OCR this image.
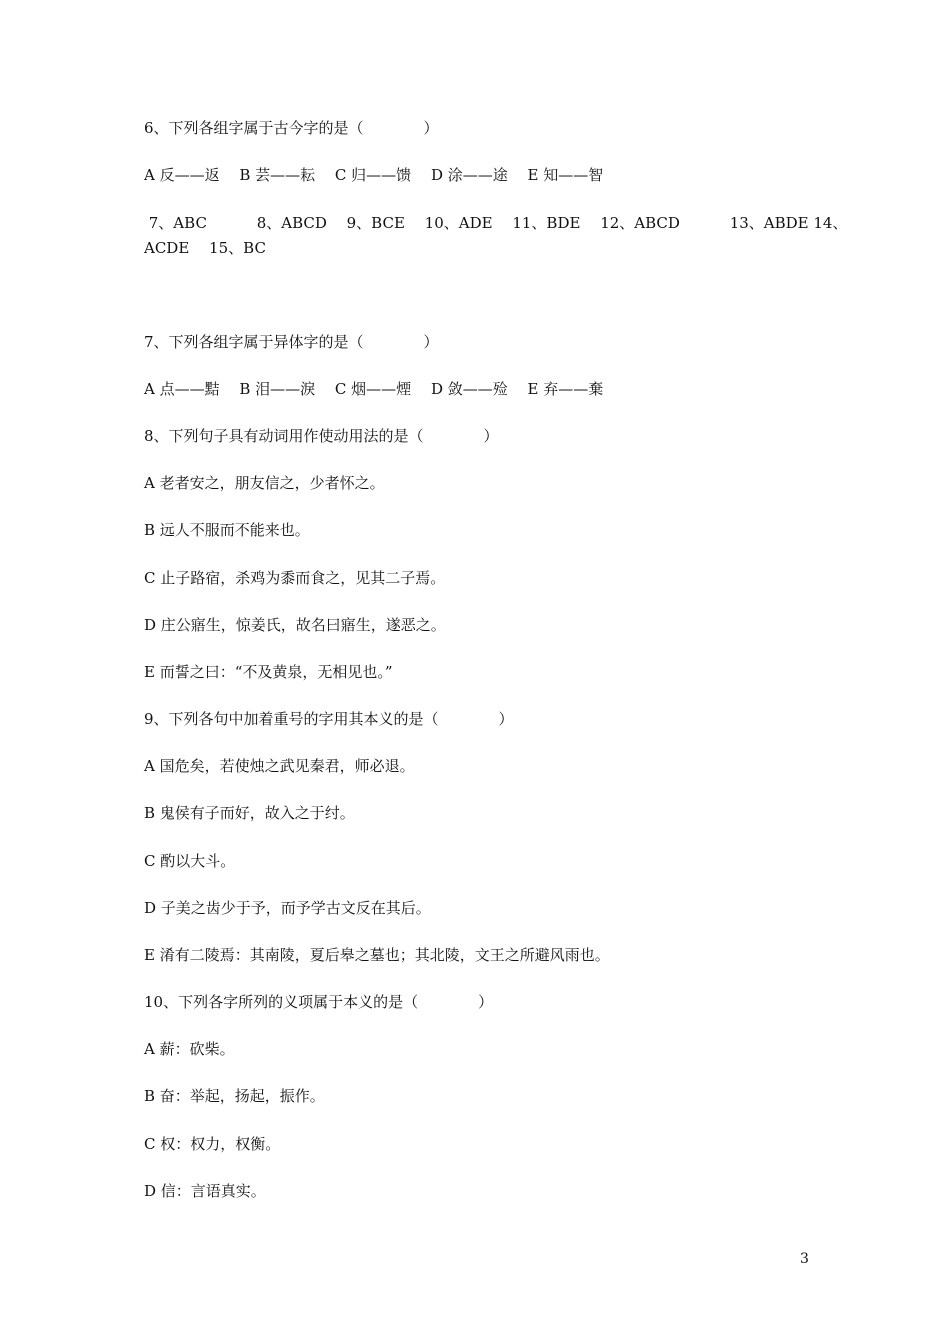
6、下列各组字属于古今字的是（　　　　）
A 反——返　 B 芸——耘　 C 归——馈　 D 涂——途　 E 知——智
7、ABC　　　 8、ABCD　 9、BCE　 10、ADE　 11、BDE　 12、ABCD　　　 13、ABDE 14、
ACDE　 15、BC
7、下列各组字属于异体字的是（　　　　）
A 点——黠　 B 泪——淚　 C 烟——煙　 D 敛——殓　 E 弃——棄
8、下列句子具有动词用作使动用法的是（　　　　）
A 老者安之，朋友信之，少者怀之。
B 远人不服而不能来也。
C 止子路宿，杀鸡为黍而食之，见其二子焉。
D 庄公寤生，惊姜氏，故名曰寤生，遂恶之。
E 而誓之曰：“不及黄泉，无相见也。”
9、下列各句中加着重号的字用其本义的是（　　　　）
A 国危矣，若使烛之武见秦君，师必退。
B 鬼侯有子而好，故入之于纣。
C 酌以大斗。
D 子美之齿少于予，而予学古文反在其后。
E 淆有二陵焉：其南陵，夏后皋之墓也；其北陵，文王之所避风雨也。
10、下列各字所列的义项属于本义的是（　　　　）
A 薪：砍柴。
B 奋：举起，扬起，振作。
C 权：权力，权衡。
D 信：言语真实。
3
